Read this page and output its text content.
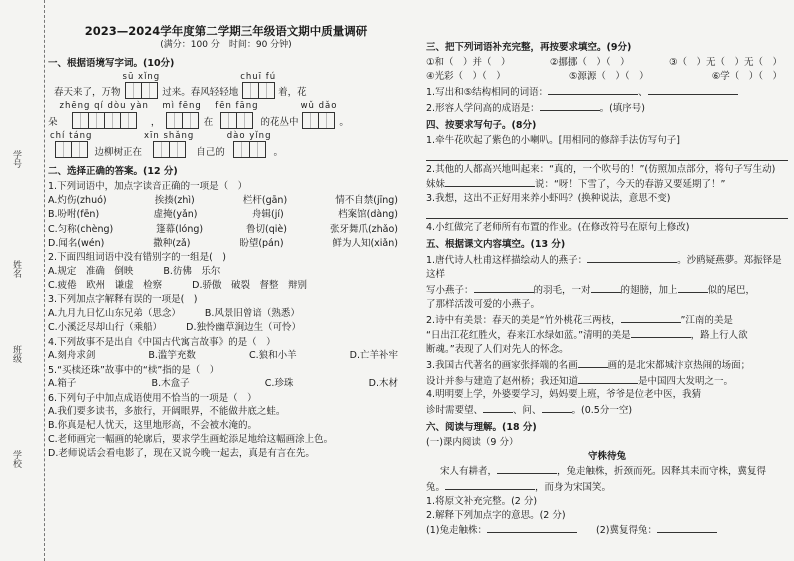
学号
姓名
班级
学校
2023—2024学年度第二学期三年级语文期中质量调研
(满分：100 分　时间：90 分钟)
一、根据语境写字词。(10分)
春天来了，万物
sū xǐng
过来。春风轻轻地
chuī fú
着，花
朵
zhēng qí dòu yàn
，
mì fēng
在
fēn fāng
的花丛中
wǔ dǎo
。
chí táng
边柳树正在
xīn shǎng
自己的
dào yǐng
。
二、选择正确的答案。(12 分)
1.下列词语中，加点字读音正确的一项是（　）
A.灼伤(zhuó)	挨揍(zhì)	栏杆(gān)	情不自禁(jīng)
B.吩咐(fēn)	虚掩(yǎn)	舟辑(jí)	档案馆(dàng)
C.匀称(chèng)	篷幕(lóng)	鲁切(qiè)	张牙舞爪(zhǎo)
D.闻名(wén)	撒种(zǎ)	盼望(pán)	鲜为人知(xiǎn)
2.下面四组词语中没有错别字的一组是(　)
A.规定　准确　倒映	B.彷佛　乐尔
C.疲倦　欧州　谦虚　检察	D.骄傲　破裂　督整　辩别
3.下列加点字解释有误的一项是(　)
A.九月九日忆山东兄弟（思念）	B.风景旧曾谙（熟悉）
C.小溪泛尽却山行（乘船）	D.独怜幽草涧边生（可怜）
4.下列故事不是出自《中国古代寓言故事》的是（　）
A.刻舟求剑	B.滥竽充数	C.狼和小羊	D.亡羊补牢
5.“买椟还珠”故事中的“椟”指的是（　）
A.箱子	B.木盒子	C.珍珠	D.木材
6.下列句子中加点成语使用不恰当的一项是（　）
A.我们要多读书，多旅行，开阔眼界，不能做井底之蛙。
B.你真是杞人忧天，这里地形高，不会被水淹的。
C.老师画完一幅画的轮廓后，要求学生画蛇添足地给这幅画涂上色。
D.老师说话会看电影了，现在又说今晚一起去，真是有言在先。
三、把下列词语补充完整，再按要求填空。(9分)
①和（　）并（　）	②挪挪（　）（　）	③（　）无（　）无（　）
④光彩（　）（　）	⑤源源（　）（　）	⑥学（　）（　）
1.写出和⑤结构相同的词语：	、
2.形容人学问高的成语是：	。(填序号)
四、按要求写句子。(8分)
1.牵牛花吹起了紫色的小喇叭。[用相同的修辞手法仿写句子]
2.其他的人都高兴地叫起来：“真的，一个吹号的！”(仿照加点部分，将句子写生动)
妹妹	说：“呀！下雪了，今天的春游又要延期了！”
3.我想，这出不正好用来养小虾吗？(换种说法，意思不变)
4.小红做完了老师所有布置的作业。(在修改符号在原句上修改)
五、根据课文内容填空。(13 分)
1.唐代诗人杜甫这样描绘动人的燕子：	。沙鸥疑燕夢。郑振铎是这样
写小燕子：	的羽毛，一对	的翅膀，加上	似的尾巴，
了那样活泼可爱的小燕子。
2.诗中有美景：春天的美是“竹外桃花三两枝，	”江南的美是
“日出江花红胜火，春来江水绿如蓝。”清明的美是	，路上行人欲
断魂。”表现了人们对先人的怀念。
3.我国古代著名的画家张择端的名画	画的是北宋都城汴京热闹的场面；
设计并参与建造了赵州桥；我还知道	是中国四大发明之一。
4.明明要上学，外婆要学习，妈妈要上班，爷爷是位老中医，我猜
诊时需要望、	、问、	。(0.5分一空)
六、阅读与理解。(18 分)
(一)课内阅读（9 分）
守株待兔
宋人有耕者，	，兔走触株，折颈而死。因释其耒而守株，冀复得
兔。	，而身为宋国笑。
1.将原文补充完整。(2 分)
2.解释下列加点字的意思。(2 分)
(1)兔走触株：　　	(2)冀复得兔：
